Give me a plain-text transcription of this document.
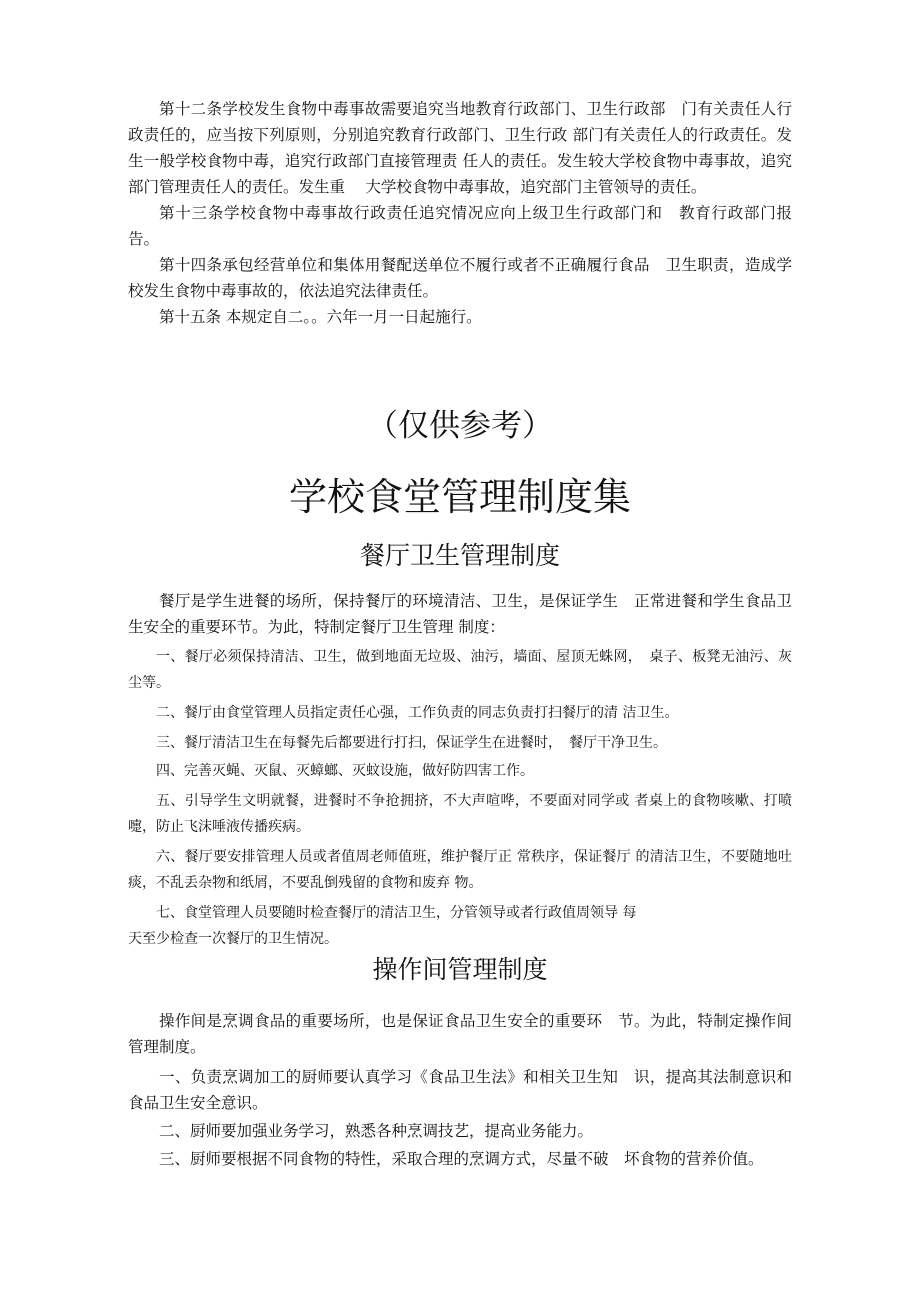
第十二条学校发生食物中毒事故需要追究当地教育行政部门、卫生行政部　门有关责任人行政责任的，应当按下列原则，分别追究教育行政部门、卫生行政 部门有关责任人的行政责任。发生一般学校食物中毒，追究行政部门直接管理责 任人的责任。发生较大学校食物中毒事故，追究部门管理责任人的责任。发生重　 大学校食物中毒事故，追究部门主管领导的责任。

第十三条学校食物中毒事故行政责任追究情况应向上级卫生行政部门和　教育行政部门报告。

第十四条承包经营单位和集体用餐配送单位不履行或者不正确履行食品　卫生职责，造成学校发生食物中毒事故的，依法追究法律责任。

第十五条 本规定自二。。六年一月一日起施行。

（仅供参考）
学校食堂管理制度集
餐厅卫生管理制度

餐厅是学生进餐的场所，保持餐厅的环境清洁、卫生，是保证学生　正常进餐和学生食品卫生安全的重要环节。为此，特制定餐厅卫生管理 制度：

一、餐厅必须保持清洁、卫生，做到地面无垃圾、油污，墙面、屋顶无蛛网，　桌子、板凳无油污、灰尘等。

二、餐厅由食堂管理人员指定责任心强，工作负责的同志负责打扫餐厅的清 洁卫生。

三、餐厅清洁卫生在每餐先后都要进行打扫，保证学生在进餐时，　餐厅干净卫生。

四、完善灭蝇、灭鼠、灭蟑螂、灭蚊设施，做好防四害工作。

五、引导学生文明就餐，进餐时不争抢拥挤，不大声喧哗，不要面对同学或 者桌上的食物咳嗽、打喷嚏，防止飞沫唾液传播疾病。

六、餐厅要安排管理人员或者值周老师值班，维护餐厅正 常秩序，保证餐厅 的清洁卫生，不要随地吐痰，不乱丢杂物和纸屑，不要乱倒残留的食物和废弃 物。

七、食堂管理人员要随时检查餐厅的清洁卫生，分管领导或者行政值周领导 每

天至少检查一次餐厅的卫生情况。

操作间管理制度

操作间是烹调食品的重要场所，也是保证食品卫生安全的重要环　节。为此，特制定操作间管理制度。

一、负责烹调加工的厨师要认真学习《食品卫生法》和相关卫生知　识，提高其法制意识和食品卫生安全意识。

二、厨师要加强业务学习，熟悉各种烹调技艺，提高业务能力。

三、厨师要根据不同食物的特性，采取合理的烹调方式，尽量不破　坏食物的营养价值。
